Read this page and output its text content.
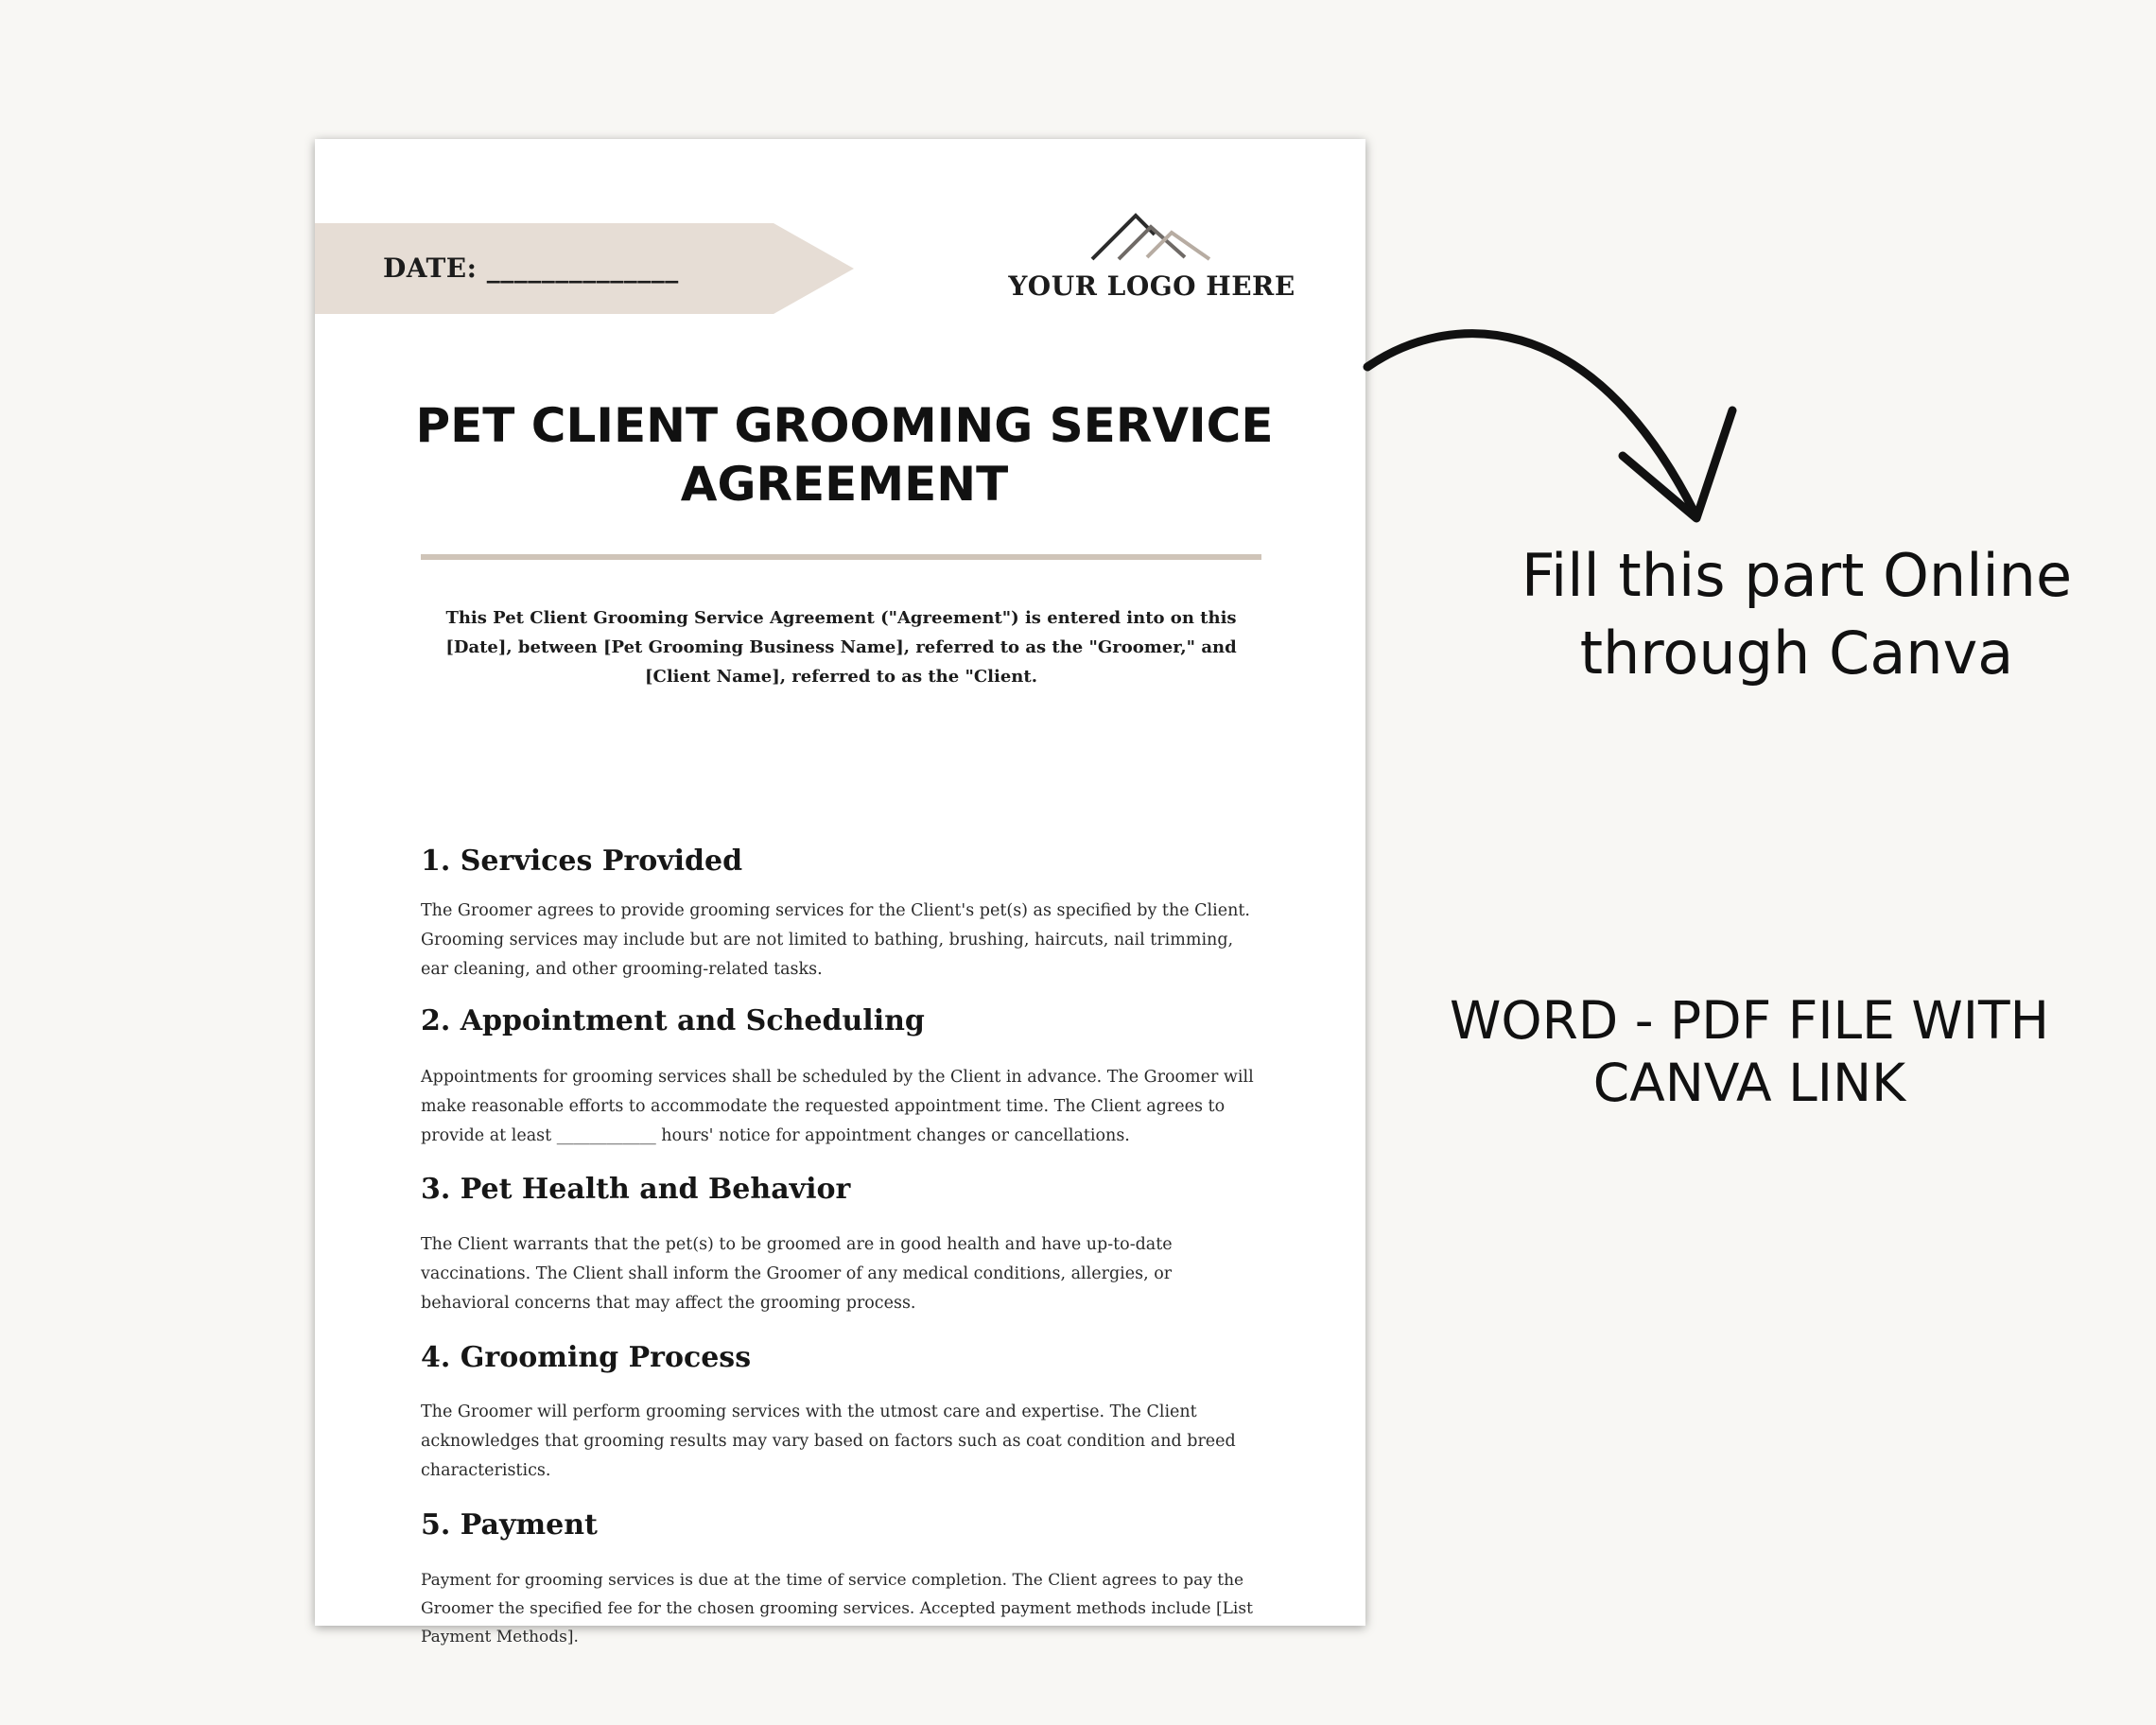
DATE: ______________
YOUR LOGO HERE
PET CLIENT GROOMING SERVICE AGREEMENT

This Pet Client Grooming Service Agreement ("Agreement") is entered into on this [Date], between [Pet Grooming Business Name], referred to as the "Groomer," and [Client Name], referred to as the "Client.

1. Services Provided

The Groomer agrees to provide grooming services for the Client's pet(s) as specified by the Client. Grooming services may include but are not limited to bathing, brushing, haircuts, nail trimming, ear cleaning, and other grooming-related tasks.

2. Appointment and Scheduling

Appointments for grooming services shall be scheduled by the Client in advance. The Groomer will make reasonable efforts to accommodate the requested appointment time. The Client agrees to provide at least ____________ hours' notice for appointment changes or cancellations.

3. Pet Health and Behavior

The Client warrants that the pet(s) to be groomed are in good health and have up-to-date vaccinations. The Client shall inform the Groomer of any medical conditions, allergies, or behavioral concerns that may affect the grooming process.

4. Grooming Process

The Groomer will perform grooming services with the utmost care and expertise. The Client acknowledges that grooming results may vary based on factors such as coat condition and breed characteristics.

5. Payment

Payment for grooming services is due at the time of service completion. The Client agrees to pay the Groomer the specified fee for the chosen grooming services. Accepted payment methods include [List Payment Methods].

Fill this part Online through Canva

WORD - PDF FILE WITH CANVA LINK
